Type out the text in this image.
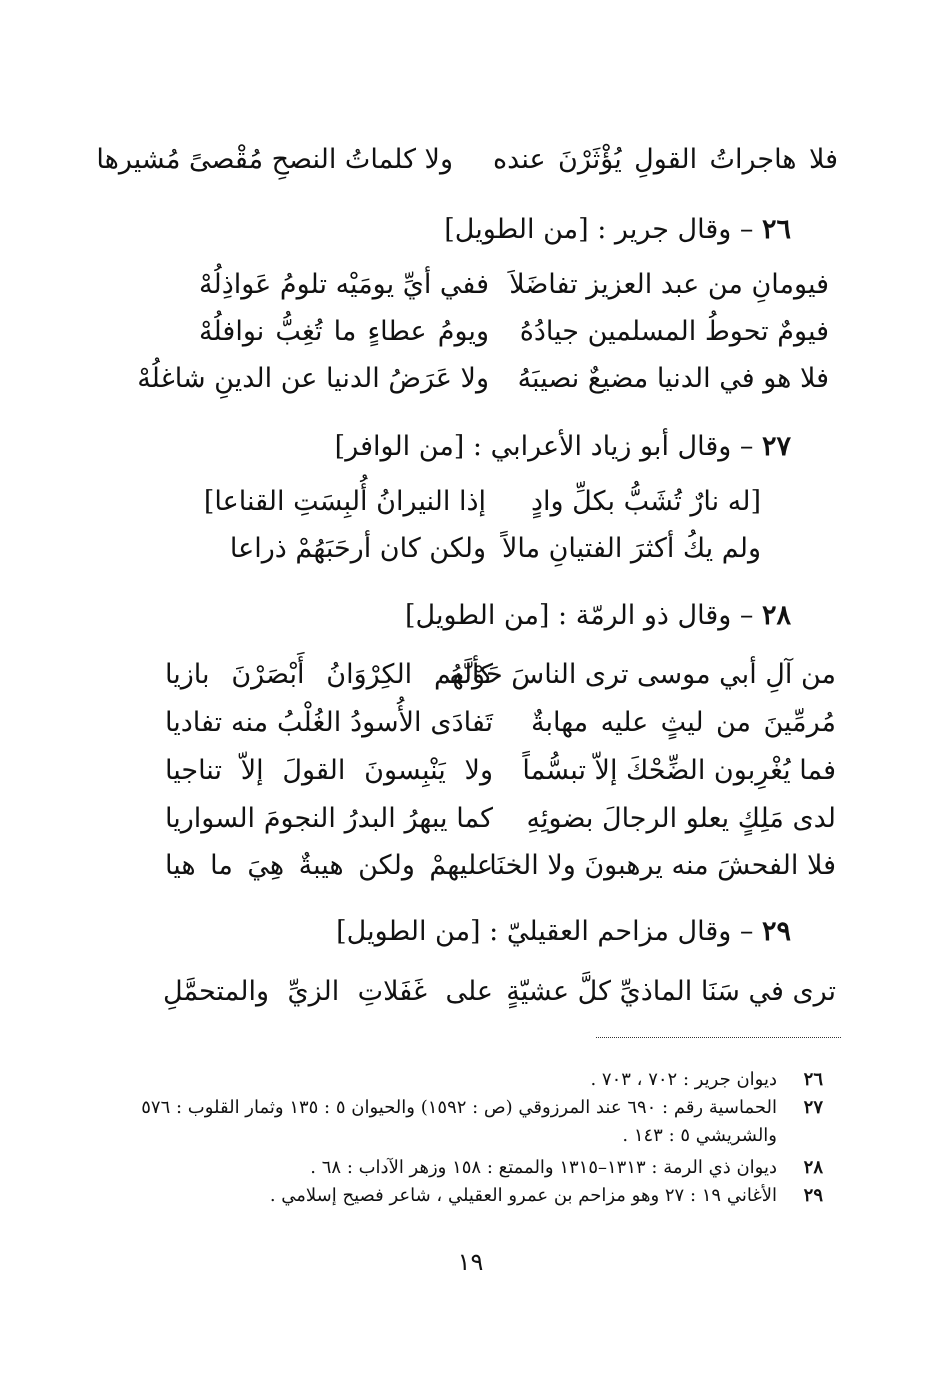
فلا هاجراتُ القولِ يُؤْثَرْنَ عنده
ولا كلماتُ النصحِ مُقْصىً مُشيرها
٢٦ – وقال جرير : [من الطويل]
فيومانِ من عبد العزيز تفاضَلاَ
ففي أيِّ يومَيْه تلومُ عَواذِلُهْ
فيومٌ تحوطُ المسلمين جيادُهُ
ويومُ عطاءٍ ما تُغِبُّ نوافلُهْ
فلا هو في الدنيا مضيعٌ نصيبَهُ
ولا عَرَضُ الدنيا عن الدينِ شاغلُهْ
٢٧ – وقال أبو زياد الأعرابي : [من الوافر]
[له نارٌ تُشَبُّ بكلِّ وادٍ
إذا النيرانُ أُلبِسَتِ القناعا]
ولم يكُ أكثرَ الفتيانِ مالاً
ولكن كان أرحَبَهُمْ ذراعا
٢٨ – وقال ذو الرمّة : [من الطويل]
من آلِ أبي موسى ترى الناسَ حَوْلَهُ
كأنّهم الكِرْوَانُ أَبْصَرْنَ بازيا
مُرمِّينَ من ليثٍ عليه مهابةٌ
تَفادَى الأُسودُ الغُلْبُ منه تفاديا
فما يُغْرِبون الضِّحْكَ إلاّ تبسُّماً
ولا يَنْبِسونَ القولَ إلاّ تناجيا
لدى مَلِكٍ يعلو الرجالَ بضوئِهِ
كما يبهرُ البدرُ النجومَ السواريا
فلا الفحشَ منه يرهبونَ ولا الخنَا
عليهمْ ولكن هيبةٌ هِيَ ما هيا
٢٩ – وقال مزاحم العقيليّ : [من الطويل]
ترى في سَنَا الماذيِّ كلَّ عشيّةٍ
على غَفَلاتِ الزيِّ والمتحمَّلِ
٢٦
ديوان جرير : ٧٠٢ ، ٧٠٣ .
٢٧
الحماسية رقم : ٦٩٠ عند المرزوقي (ص : ١٥٩٢) والحيوان ٥ : ١٣٥ وثمار القلوب : ٥٧٦
والشريشي ٥ : ١٤٣ .
٢٨
ديوان ذي الرمة : ١٣١٣–١٣١٥ والممتع : ١٥٨ وزهر الآداب : ٦٨ .
٢٩
الأغاني ١٩ : ٢٧ وهو مزاحم بن عمرو العقيلي ، شاعر فصيح إسلامي .
١٩
